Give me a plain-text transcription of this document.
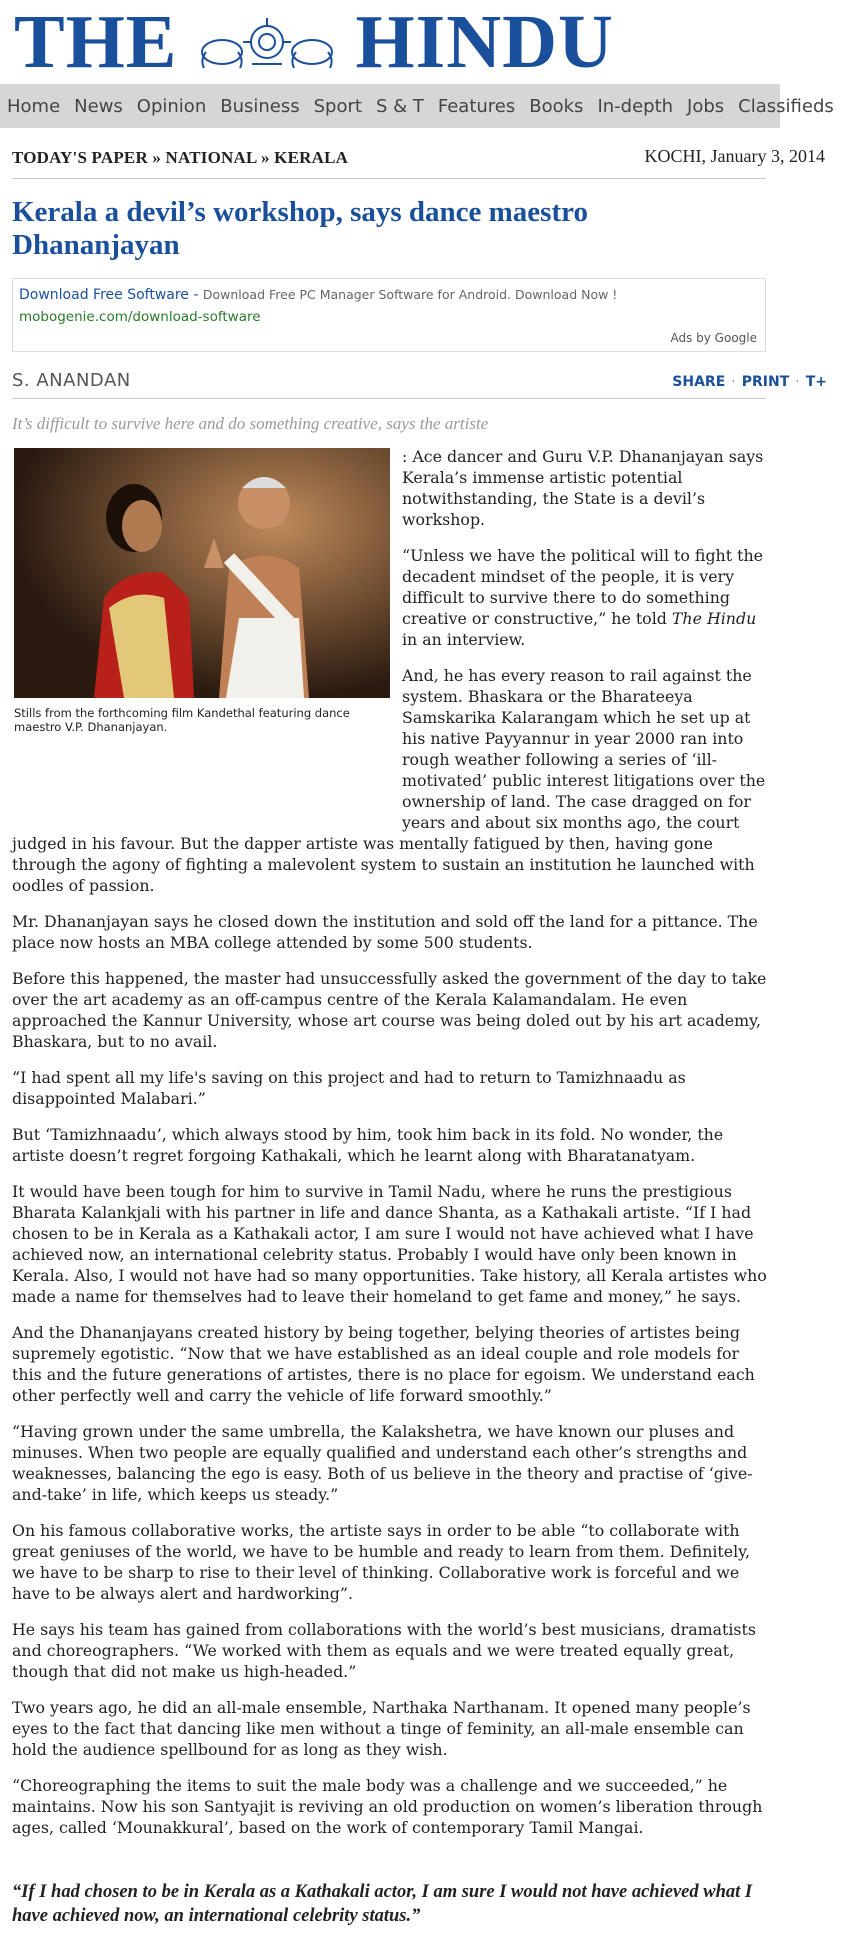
THE HINDU
Home News Opinion Business Sport S & T Features Books In-depth Jobs Classifieds
TODAY'S PAPER » NATIONAL » KERALA	KOCHI, January 3, 2014
Kerala a devil’s workshop, says dance maestro Dhananjayan
Download Free Software - Download Free PC Manager Software for Android. Download Now !
mobogenie.com/download-software
Ads by Google
S. ANANDAN	SHARE · PRINT · T+
It’s difficult to survive here and do something creative, says the artiste
Stills from the forthcoming film Kandethal featuring dance maestro V.P. Dhananjayan.

: Ace dancer and Guru V.P. Dhananjayan says Kerala’s immense artistic potential notwithstanding, the State is a devil’s workshop.

“Unless we have the political will to fight the decadent mindset of the people, it is very difficult to survive there to do something creative or constructive,” he told The Hindu in an interview.

And, he has every reason to rail against the system. Bhaskara or the Bharateeya Samskarika Kalarangam which he set up at his native Payyannur in year 2000 ran into rough weather following a series of ‘ill-motivated’ public interest litigations over the ownership of land. The case dragged on for years and about six months ago, the court judged in his favour. But the dapper artiste was mentally fatigued by then, having gone through the agony of fighting a malevolent system to sustain an institution he launched with oodles of passion.

Mr. Dhananjayan says he closed down the institution and sold off the land for a pittance. The place now hosts an MBA college attended by some 500 students.

Before this happened, the master had unsuccessfully asked the government of the day to take over the art academy as an off-campus centre of the Kerala Kalamandalam. He even approached the Kannur University, whose art course was being doled out by his art academy, Bhaskara, but to no avail.

“I had spent all my life's saving on this project and had to return to Tamizhnaadu as disappointed Malabari.”

But ‘Tamizhnaadu’, which always stood by him, took him back in its fold. No wonder, the artiste doesn’t regret forgoing Kathakali, which he learnt along with Bharatanatyam.

It would have been tough for him to survive in Tamil Nadu, where he runs the prestigious Bharata Kalankjali with his partner in life and dance Shanta, as a Kathakali artiste. “If I had chosen to be in Kerala as a Kathakali actor, I am sure I would not have achieved what I have achieved now, an international celebrity status. Probably I would have only been known in Kerala. Also, I would not have had so many opportunities. Take history, all Kerala artistes who made a name for themselves had to leave their homeland to get fame and money,” he says.

And the Dhananjayans created history by being together, belying theories of artistes being supremely egotistic. “Now that we have established as an ideal couple and role models for this and the future generations of artistes, there is no place for egoism. We understand each other perfectly well and carry the vehicle of life forward smoothly.”

“Having grown under the same umbrella, the Kalakshetra, we have known our pluses and minuses. When two people are equally qualified and understand each other’s strengths and weaknesses, balancing the ego is easy. Both of us believe in the theory and practise of ‘give-and-take’ in life, which keeps us steady.”

On his famous collaborative works, the artiste says in order to be able “to collaborate with great geniuses of the world, we have to be humble and ready to learn from them. Definitely, we have to be sharp to rise to their level of thinking. Collaborative work is forceful and we have to be always alert and hardworking”.

He says his team has gained from collaborations with the world’s best musicians, dramatists and choreographers. “We worked with them as equals and we were treated equally great, though that did not make us high-headed.”

Two years ago, he did an all-male ensemble, Narthaka Narthanam. It opened many people’s eyes to the fact that dancing like men without a tinge of feminity, an all-male ensemble can hold the audience spellbound for as long as they wish.

“Choreographing the items to suit the male body was a challenge and we succeeded,” he maintains. Now his son Santyajit is reviving an old production on women’s liberation through ages, called ‘Mounakkural’, based on the work of contemporary Tamil Mangai.

“If I had chosen to be in Kerala as a Kathakali actor, I am sure I would not have achieved what I have achieved now, an international celebrity status.”
